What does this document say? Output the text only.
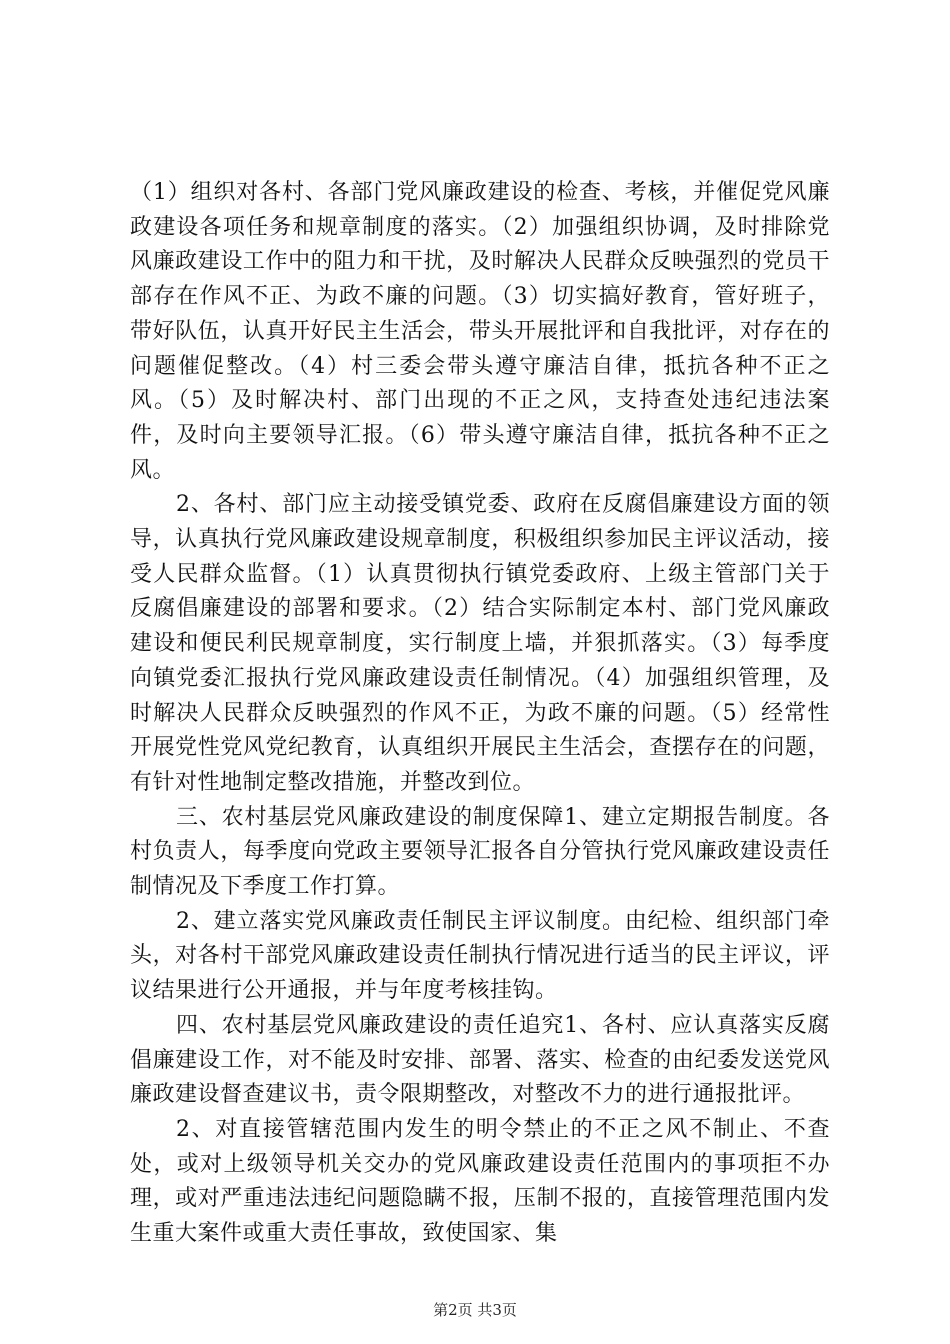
（1）组织对各村、各部门党风廉政建设的检查、考核，并催促党风廉政建设各项任务和规章制度的落实。（2）加强组织协调，及时排除党风廉政建设工作中的阻力和干扰，及时解决人民群众反映强烈的党员干部存在作风不正、为政不廉的问题。（3）切实搞好教育，管好班子，带好队伍，认真开好民主生活会，带头开展批评和自我批评，对存在的问题催促整改。（4）村三委会带头遵守廉洁自律，抵抗各种不正之风。（5）及时解决村、部门出现的不正之风，支持查处违纪违法案件，及时向主要领导汇报。（6）带头遵守廉洁自律，抵抗各种不正之风。

2、各村、部门应主动接受镇党委、政府在反腐倡廉建设方面的领导，认真执行党风廉政建设规章制度，积极组织参加民主评议活动，接受人民群众监督。（1）认真贯彻执行镇党委政府、上级主管部门关于反腐倡廉建设的部署和要求。（2）结合实际制定本村、部门党风廉政建设和便民利民规章制度，实行制度上墙，并狠抓落实。（3）每季度向镇党委汇报执行党风廉政建设责任制情况。（4）加强组织管理，及时解决人民群众反映强烈的作风不正，为政不廉的问题。（5）经常性开展党性党风党纪教育，认真组织开展民主生活会，查摆存在的问题，有针对性地制定整改措施，并整改到位。

三、农村基层党风廉政建设的制度保障1、建立定期报告制度。各村负责人，每季度向党政主要领导汇报各自分管执行党风廉政建设责任制情况及下季度工作打算。

2、建立落实党风廉政责任制民主评议制度。由纪检、组织部门牵头，对各村干部党风廉政建设责任制执行情况进行适当的民主评议，评议结果进行公开通报，并与年度考核挂钩。

四、农村基层党风廉政建设的责任追究1、各村、应认真落实反腐倡廉建设工作，对不能及时安排、部署、落实、检查的由纪委发送党风廉政建设督查建议书，责令限期整改，对整改不力的进行通报批评。

2、对直接管辖范围内发生的明令禁止的不正之风不制止、不查处，或对上级领导机关交办的党风廉政建设责任范围内的事项拒不办理，或对严重违法违纪问题隐瞒不报，压制不报的，直接管理范围内发生重大案件或重大责任事故，致使国家、集

第2页 共3页
